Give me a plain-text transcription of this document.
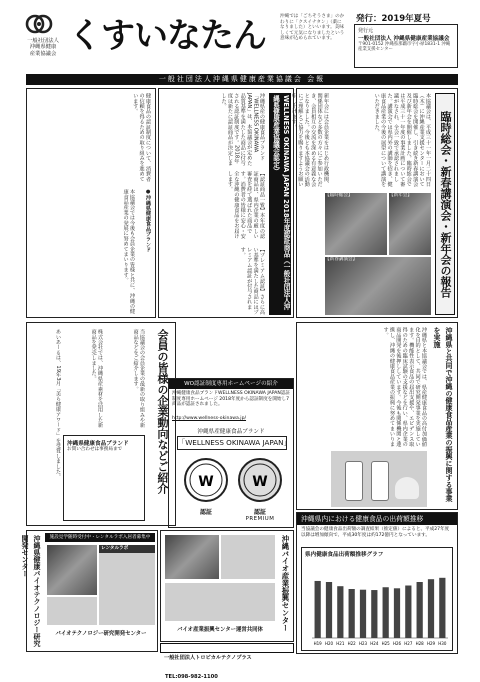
一般社団法人
沖縄県健康
産業協議会 くすいなたん	沖縄では「ごちそうさま」のかわりに「クスイナタン」（薬になりました）といいます。美味しくて元気になりましたという意味が込められています。
発行：2019年夏号
発行元
一般社団法人 沖縄県健康産業協議会
〒901-0152 沖縄県那覇市字小禄1831-1 沖縄産業支援センター
一般社団法人沖縄県健康産業協議会 会報
臨時総会・新春講演会・新年会の報告
本協議会は、平成三十一年一月二十四日（木）に沖縄産業支援センターにおいて臨時総会を開催し、引き続き新春講演会及び新年会を開催しました。臨時総会では平成三十一年度の事業計画について審議がなされ、全会一致で承認されました。講演会では県内外の講師を招き、健康食品産業の今後の展望について講演をいただきました。
新年会には会員企業をはじめ行政機関、関係団体など多数の方々にご参加いただき、会員相互の交流を深める有意義な会となりました。今後とも本協議会の活動にご理解とご協力を賜りますようお願い申し上げます。
【臨時総会】	【新年会】
【新春講演会】
WELLNESS OKINAWA JAPAN 2018年度認証商品（一般社団法人沖縄県健康産業協議会認定）
沖縄県産の健康食品ブランド「WELLNESS OKINAWA JAPAN」は、本協議会が定めた品質基準を満たした商品に付与される認証制度です。2018年度は新たに認証商品が決定しました。
【認証商品一覧】本年度の認証商品は、県内企業の厳しい審査を経て選ばれた商品です。消費者の皆様に安心・安全な沖縄の健康食品をお届けします。
【プレミアム認証】さらに高い基準を満たした商品にはプレミアム認証が付与されます。
健康食品の認証制度について、消費者の信頼を得るための取り組みを進めています。
●沖縄県健康食品ブランド
本協議会では今後も会員企業の皆様と共に、沖縄の健康食品産業の発展に努めてまいります。
会員の皆様の企業動向などご紹介
当協議会の会員企業の最新の取り組みや新商品などをご紹介します。
株式会社では、沖縄県産素材を活用した新商品を発売しました。
あいあーるは、19年3月「美ら健康アワード」を受賞しました。 沖縄県健康食品ブランド
お問い合わせは事務局まで
WO認証制度専用ホームページの紹介
沖縄健康食品ブランドWELLNESS OKINAWA JAPAN認証制度専用ホームページ 2018年度から認証制度を開始し7商品が認証されました。
http://www.wellness-okinawa.jp/
沖縄県産健康食品ブランド
「WELLNESS OKINAWA JAPAN」
W
認証
W
認証
PREMIUM
沖縄県と共同で沖縄の健康食品産業の振興に関する事業を実施
沖縄県と本協議会では、県産健康食品の高付加価値化を目的として、共同で研究開発事業を実施しています。機能性表示食品の届出支援や、エビデンス取得のための臨床試験の支援などを行い、県内企業の商品開発を後押ししています。今後も関係機関と連携し、沖縄の健康食品産業の振興に努めてまいります。
沖縄県内における健康食品の出荷額推移
当協議会の健康食品出荷額の調査結果（推定値）によると、平成27年度以降は増加傾向で、平成30年度は約172億円となっています。
県内健康食品出荷額推移グラフ
H19 H20 H21 H22 H23 H24 H25 H26 H27 H28 H29 H30
沖縄県健康バイオテクノロジー研究開発センター	施設見学随時受付中・レンタルラボ入居者募集中
レンタルラボ
バイオテクノロジー研究開発センター
沖縄バイオ産業振興センター
バイオ産業振興センター運営共同体
一般社団法人トロピカルテクノプラス TEL:098-982-1100
